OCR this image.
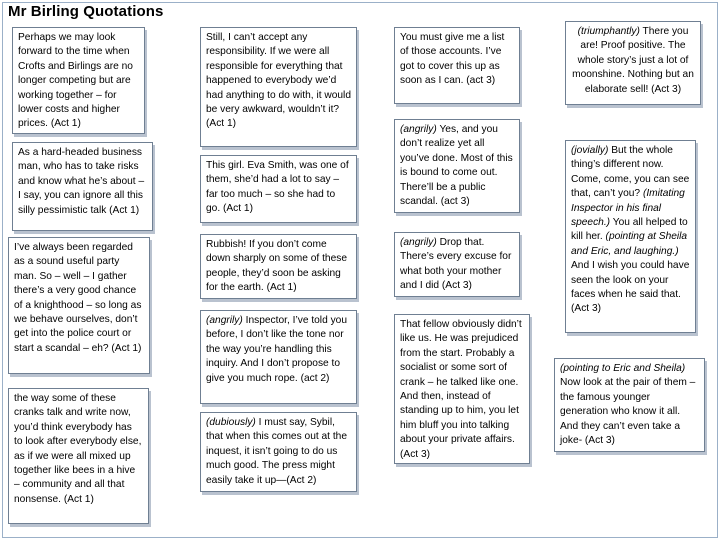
Mr Birling Quotations

Perhaps we may look forward to the time when Crofts and Birlings are no longer competing but are working together – for lower costs and higher prices. (Act 1)

As a hard-headed business man, who has to take risks and know what he’s about – I say, you can ignore all this silly pessimistic talk (Act 1)

I’ve always been regarded as a sound useful party man. So – well – I gather there’s a very good chance of a knighthood – so long as we behave ourselves, don’t get into the police court or start a scandal – eh? (Act 1)

the way some of these cranks talk and write now, you’d think everybody has to look after everybody else, as if we were all mixed up together like bees in a hive – community and all that nonsense. (Act 1)

Still, I can’t accept any responsibility. If we were all responsible for everything that happened to everybody we’d had anything to do with, it would be very awkward, wouldn’t it? (Act 1)

This girl. Eva Smith, was one of them, she’d had a lot to say – far too much – so she had to go. (Act 1)

Rubbish! If you don’t come down sharply on some of these people, they’d soon be asking for the earth. (Act 1)

(angrily) Inspector, I’ve told you before, I don’t like the tone nor the way you’re handling this inquiry. And I don’t propose to give you much rope. (act 2)

(dubiously) I must say, Sybil, that when this comes out at the inquest, it isn’t going to do us much good. The press might easily take it up—(Act 2)

You must give me a list of those accounts. I’ve got to cover this up as soon as I can. (act 3)

(angrily) Yes, and you don’t realize yet all you’ve done. Most of this is bound to come out. There’ll be a public scandal. (act 3)

(angrily) Drop that. There’s every excuse for what both your mother and I did (Act 3)

That fellow obviously didn’t like us. He was prejudiced from the start. Probably a socialist or some sort of crank – he talked like one. And then, instead of standing up to him, you let him bluff you into talking about your private affairs. (Act 3)

(triumphantly) There you are! Proof positive. The whole story’s just a lot of moonshine. Nothing but an elaborate sell! (Act 3)

(jovially) But the whole thing’s different now. Come, come, you can see that, can’t you? (Imitating Inspector in his final speech.) You all helped to kill her. (pointing at Sheila and Eric, and laughing.) And I wish you could have seen the look on your faces when he said that. (Act 3)

(pointing to Eric and Sheila) Now look at the pair of them – the famous younger generation who know it all. And they can’t even take a joke- (Act 3)
